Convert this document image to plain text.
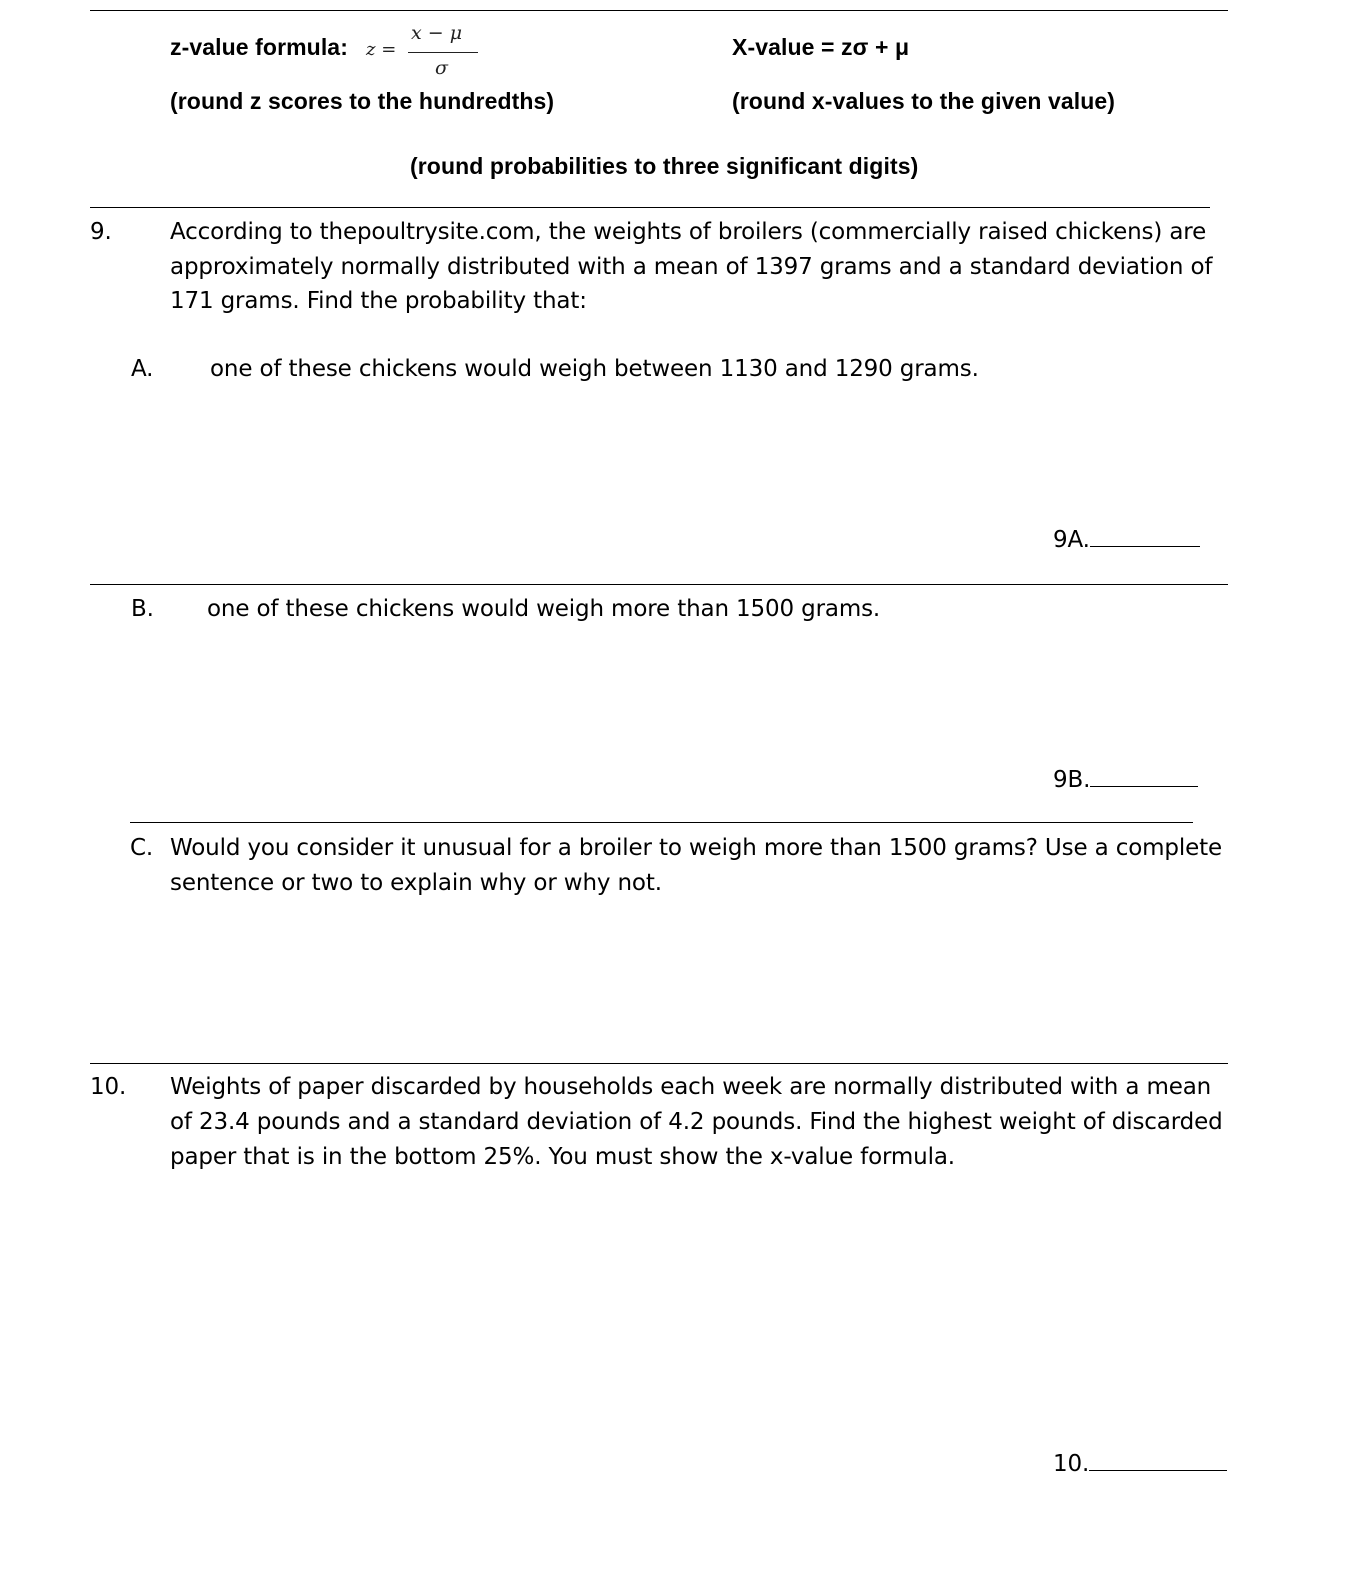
z-value formula: z =
x − μ
σ
X-value = zσ + μ
(round z scores to the hundredths)	(round x-values to the given value)
(round probabilities to three significant digits)
9.	According to thepoultrysite.com, the weights of broilers (commercially raised chickens) are
approximately normally distributed with a mean of 1397 grams and a standard deviation of
171 grams. Find the probability that:
A. one of these chickens would weigh between 1130 and 1290 grams.
9A.
B. one of these chickens would weigh more than 1500 grams.
9B.
C. Would you consider it unusual for a broiler to weigh more than 1500 grams? Use a complete
sentence or two to explain why or why not.
10. Weights of paper discarded by households each week are normally distributed with a mean
of 23.4 pounds and a standard deviation of 4.2 pounds. Find the highest weight of discarded
paper that is in the bottom 25%. You must show the x-value formula.
10.
